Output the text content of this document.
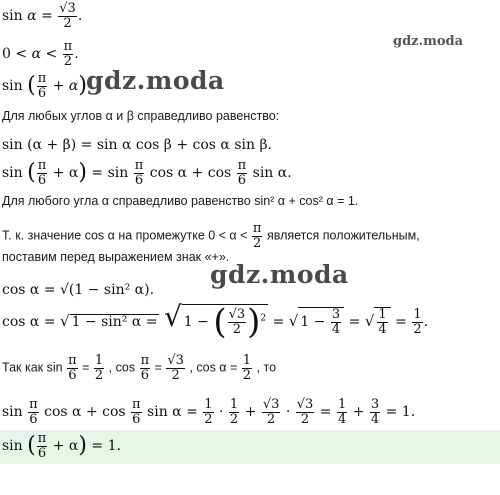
gdz.moda
gdz.moda
gdz.moda
$\sin \alpha = \frac{√3}{2}$ .
$0 < \alpha < \frac{\pi}{2}$ .
sin ( $\frac{\pi}{6} + \alpha$)
Для любых углов α и β справедливо равенство:
sin (α + β) = sin α cos β + cos α sin β.
sin ( $\frac{\pi}{6} + \alpha) = \sin \frac{\pi}{6}$ $\cos \alpha + \cos \frac{\pi}{6}$ sin α.
Для любого угла α справедливо равенство sin² α + cos² α = 1.
Т. к. значение cos α на промежутке $0 < \alpha < \frac{\pi}{2}$ является положительным,
поставим перед выражением знак «+».
cos α = √(1 − sin² α).
cos α = √ 1 − sin² α = √ 1 − ( $\frac{√3}{2} )^2$ = √ $1 - \frac{3}{4}$ = √ $\frac{1}{4} = \frac{1}{2}$ .
Так как $\sin \frac{\pi}{6} = \frac{1}{2}$ , $\cos \frac{\pi}{6} = \frac{√3}{2}$ , $\cos \alpha = \frac{1}{2}$ , то
$\sin \frac{\pi}{6}$ $\cos \alpha + \cos \frac{\pi}{6}$ $\sin \alpha = \frac{1}{2} \cdot \frac{1}{2} + \frac{√3}{2} \cdot \frac{√3}{2} = \frac{1}{4} + \frac{3}{4} = 1$.
sin ( $\frac{\pi}{6} + \alpha) = 1$.
